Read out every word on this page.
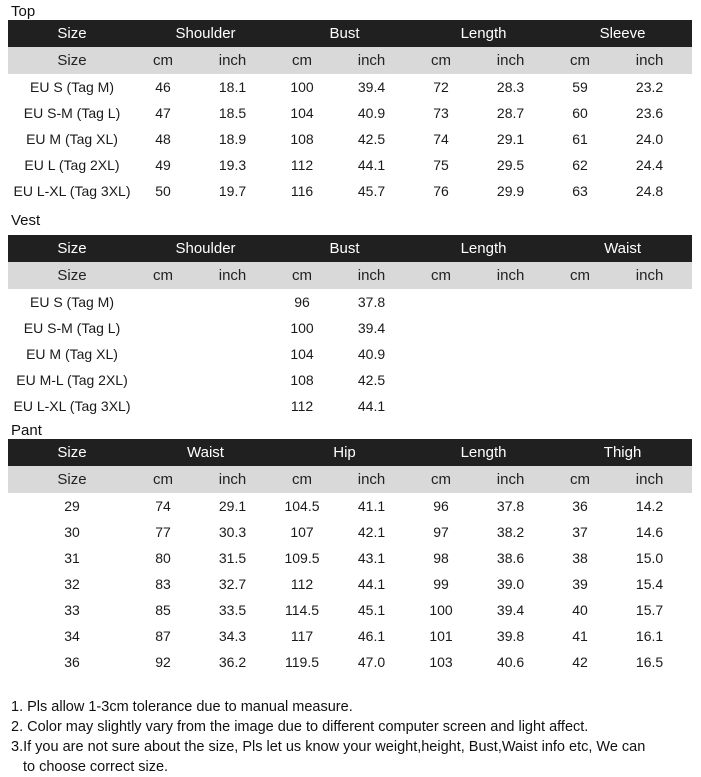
Top
Size	Shoulder		Bust		Length		Sleeve	
Size	cm	inch	cm	inch	cm	inch	cm	inch
EU S (Tag M)	46	18.1	100	39.4	72	28.3	59	23.2
EU S-M (Tag L)	47	18.5	104	40.9	73	28.7	60	23.6
EU M (Tag XL)	48	18.9	108	42.5	74	29.1	61	24.0
EU L (Tag 2XL)	49	19.3	112	44.1	75	29.5	62	24.4
EU L-XL (Tag 3XL)	50	19.7	116	45.7	76	29.9	63	24.8
Vest
Size	Shoulder		Bust		Length		Waist	
Size	cm	inch	cm	inch	cm	inch	cm	inch
EU S (Tag M)			96	37.8				
EU S-M (Tag L)			100	39.4				
EU M (Tag XL)			104	40.9				
EU M-L (Tag 2XL)			108	42.5				
EU L-XL (Tag 3XL)			112	44.1				
Pant
Size	Waist		Hip		Length		Thigh	
Size	cm	inch	cm	inch	cm	inch	cm	inch
29	74	29.1	104.5	41.1	96	37.8	36	14.2
30	77	30.3	107	42.1	97	38.2	37	14.6
31	80	31.5	109.5	43.1	98	38.6	38	15.0
32	83	32.7	112	44.1	99	39.0	39	15.4
33	85	33.5	114.5	45.1	100	39.4	40	15.7
34	87	34.3	117	46.1	101	39.8	41	16.1
36	92	36.2	119.5	47.0	103	40.6	42	16.5
1. Pls allow 1-3cm tolerance due to manual measure.
2. Color may slightly vary from the image due to different computer screen and light affect.
3.If you are not sure about the size, Pls let us know your weight,height, Bust,Waist info etc, We can
to choose correct size.
